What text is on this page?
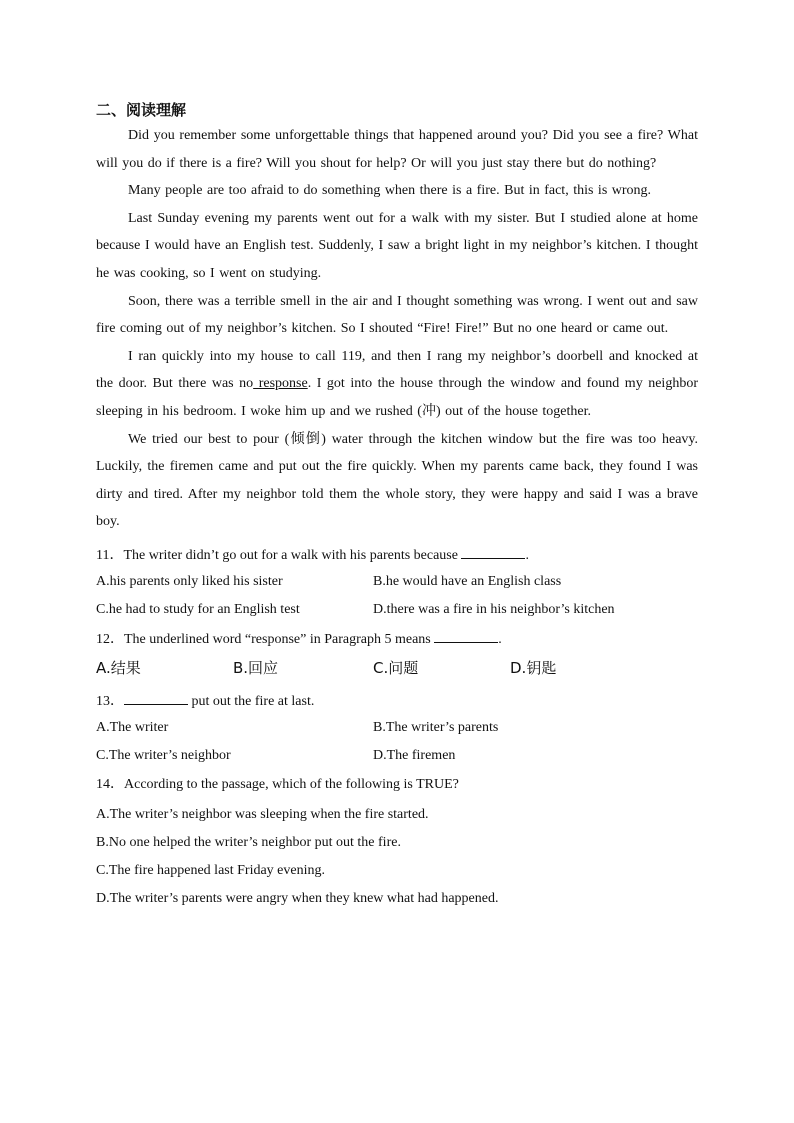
二、阅读理解

Did you remember some unforgettable things that happened around you? Did you see a fire? What will you do if there is a fire? Will you shout for help? Or will you just stay there but do nothing?

Many people are too afraid to do something when there is a fire. But in fact, this is wrong.

Last Sunday evening my parents went out for a walk with my sister. But I studied alone at home because I would have an English test. Suddenly, I saw a bright light in my neighbor’s kitchen. I thought he was cooking, so I went on studying.

Soon, there was a terrible smell in the air and I thought something was wrong. I went out and saw fire coming out of my neighbor’s kitchen. So I shouted “Fire! Fire!” But no one heard or came out.

I ran quickly into my house to call 119, and then I rang my neighbor’s doorbell and knocked at the door. But there was no response. I got into the house through the window and found my neighbor sleeping in his bedroom. I woke him up and we rushed (冲) out of the house together.

We tried our best to pour (倾倒) water through the kitchen window but the fire was too heavy. Luckily, the firemen came and put out the fire quickly. When my parents came back, they found I was dirty and tired. After my neighbor told them the whole story, they were happy and said I was a brave boy.

11．The writer didn’t go out for a walk with his parents because	.

A.his parents only liked his sister	B.he would have an English class
C.he had to study for an English test	D.there was a fire in his neighbor’s kitchen

12．The underlined word “response” in Paragraph 5 means	.

A.结果	B.回应	C.问题	D.钥匙

13．	put out the fire at last.

A.The writer	B.The writer’s parents
C.The writer’s neighbor	D.The firemen

14．According to the passage, which of the following is TRUE?

A.The writer’s neighbor was sleeping when the fire started.
B.No one helped the writer’s neighbor put out the fire.
C.The fire happened last Friday evening.
D.The writer’s parents were angry when they knew what had happened.
